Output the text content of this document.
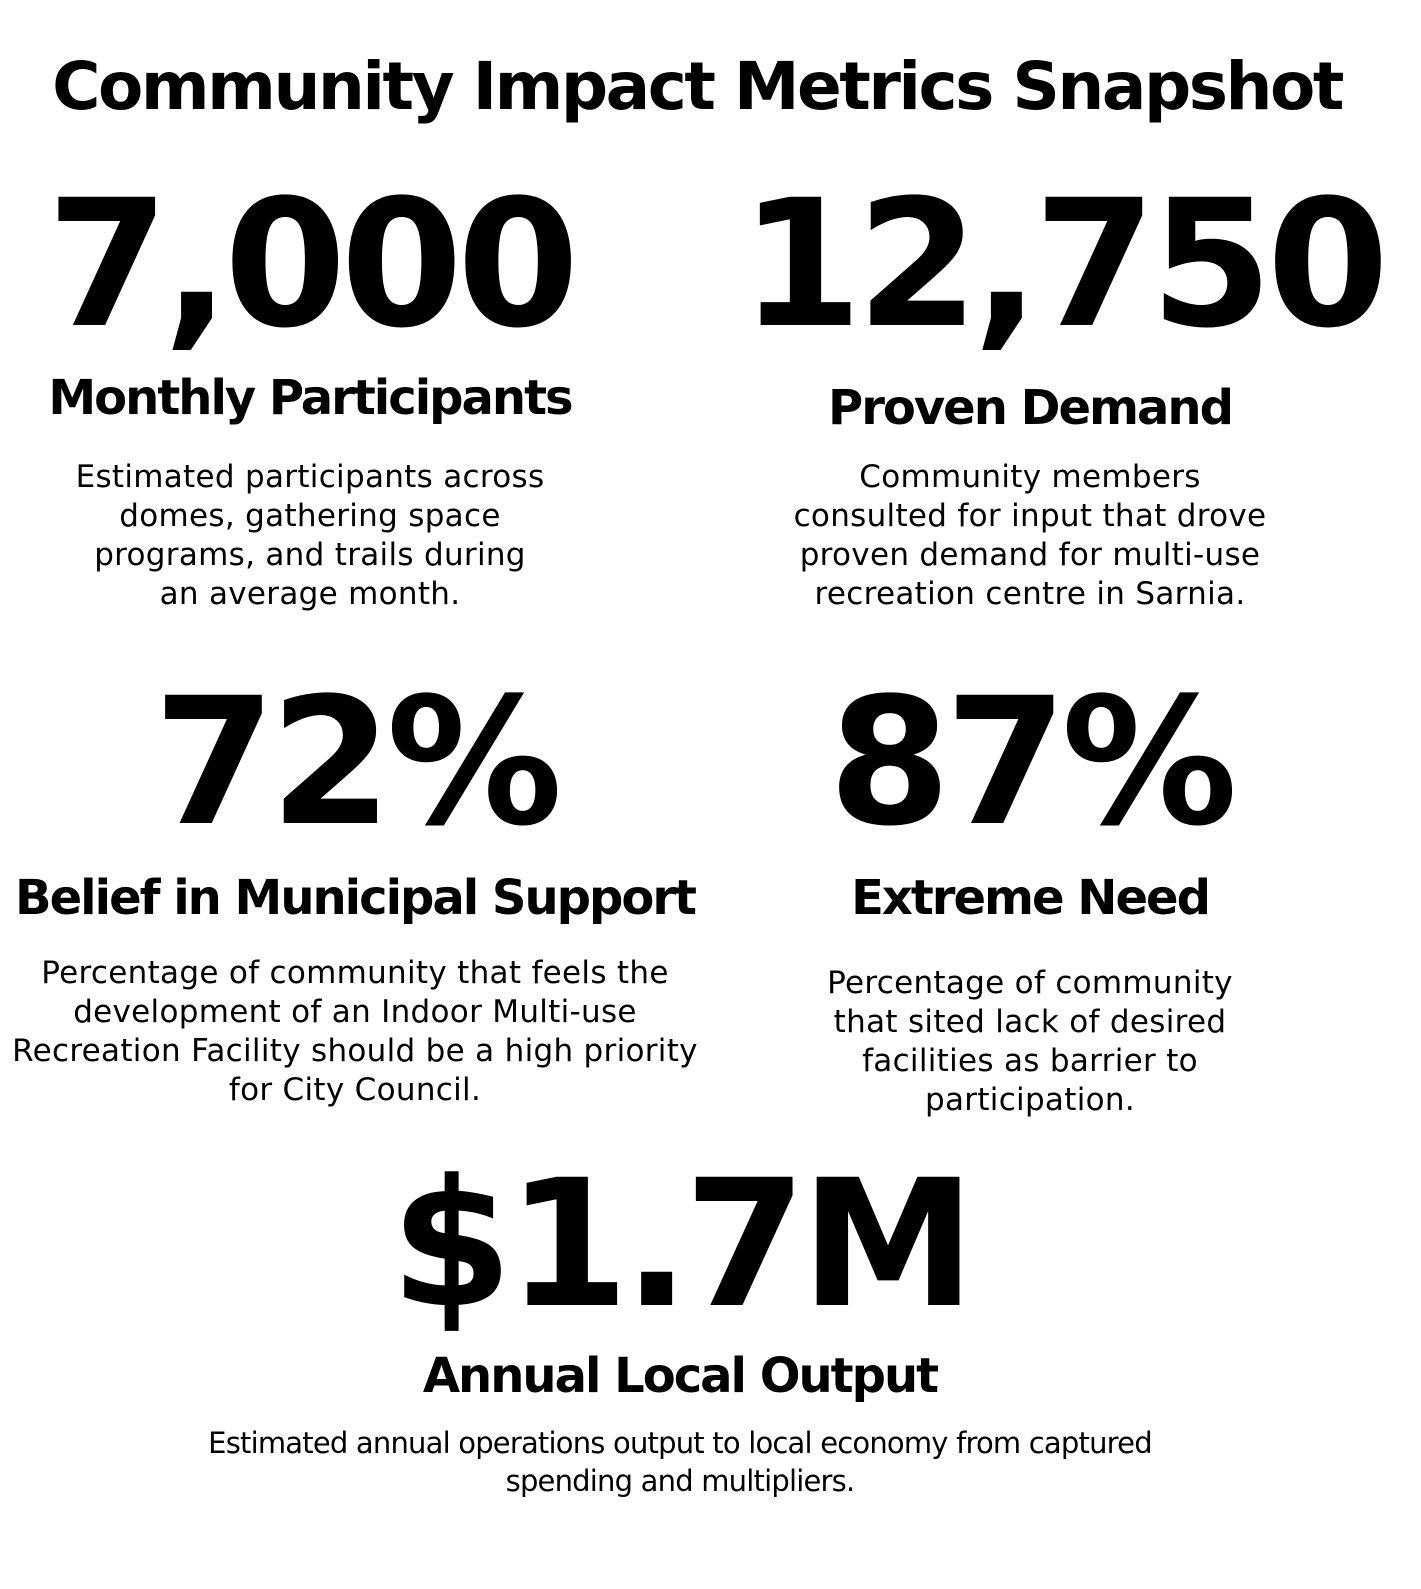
Community Impact Metrics Snapshot
7,000
Monthly Participants
Estimated participants across domes, gathering space programs, and trails during an average month.
12,750
Proven Demand
Community members consulted for input that drove proven demand for multi-use recreation centre in Sarnia.
72%
Belief in Municipal Support
Percentage of community that feels the development of an Indoor Multi-use Recreation Facility should be a high priority for City Council.
87%
Extreme Need
Percentage of community that sited lack of desired facilities as barrier to participation.
$1.7M
Annual Local Output
Estimated annual operations output to local economy from captured spending and multipliers.
